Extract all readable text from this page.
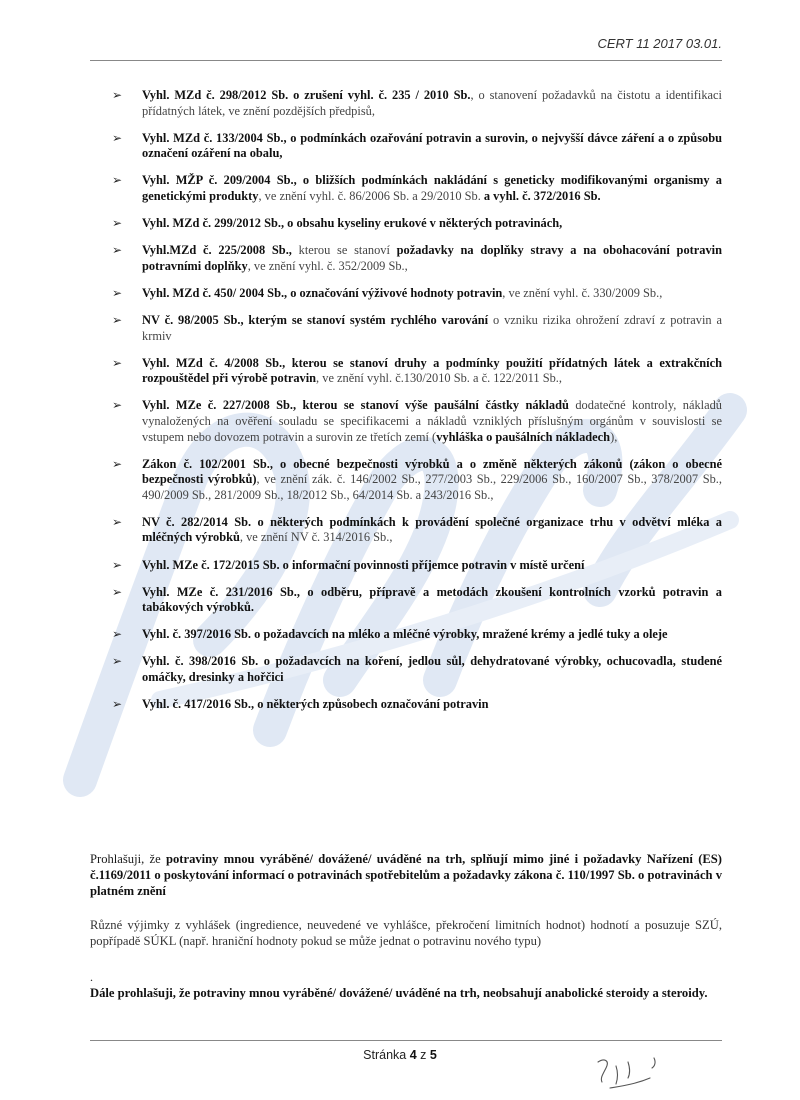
CERT 11 2017 03.01.
➢ Vyhl. MZd č. 298/2012 Sb. o zrušení vyhl. č. 235 / 2010 Sb., o stanovení požadavků na čistotu a identifikaci přídatných látek, ve znění pozdějších předpisů,
➢ Vyhl. MZd č. 133/2004 Sb., o podmínkách ozařování potravin a surovin, o nejvyšší dávce záření a o způsobu označení ozáření na obalu,
➢ Vyhl. MŽP č. 209/2004 Sb., o bližších podmínkách nakládání s geneticky modifikovanými organismy a genetickými produkty, ve znění vyhl. č. 86/2006 Sb. a 29/2010 Sb. a vyhl. č. 372/2016 Sb.
➢ Vyhl. MZd č. 299/2012 Sb., o obsahu kyseliny erukové v některých potravinách,
➢ Vyhl.MZd č. 225/2008 Sb., kterou se stanoví požadavky na doplňky stravy a na obohacování potravin potravními doplňky, ve znění vyhl. č. 352/2009 Sb.,
➢ Vyhl. MZd č. 450/ 2004 Sb., o označování výživové hodnoty potravin, ve znění vyhl. č. 330/2009 Sb.,
➢ NV č. 98/2005 Sb., kterým se stanoví systém rychlého varování o vzniku rizika ohrožení zdraví z potravin a krmiv
➢ Vyhl. MZd č. 4/2008 Sb., kterou se stanoví druhy a podmínky použití přídatných látek a extrakčních rozpouštědel při výrobě potravin, ve znění vyhl. č.130/2010 Sb. a č. 122/2011 Sb.,
➢ Vyhl. MZe č. 227/2008 Sb., kterou se stanoví výše paušální částky nákladů dodatečné kontroly, nákladů vynaložených na ověření souladu se specifikacemi a nákladů vzniklých příslušným orgánům v souvislosti se vstupem nebo dovozem potravin a surovin ze třetích zemí (vyhláška o paušálních nákladech),
➢ Zákon č. 102/2001 Sb., o obecné bezpečnosti výrobků a o změně některých zákonů (zákon o obecné bezpečnosti výrobků), ve znění zák. č. 146/2002 Sb., 277/2003 Sb., 229/2006 Sb., 160/2007 Sb., 378/2007 Sb., 490/2009 Sb., 281/2009 Sb., 18/2012 Sb., 64/2014 Sb. a 243/2016 Sb.,
➢ NV č. 282/2014 Sb. o některých podmínkách k provádění společné organizace trhu v odvětví mléka a mléčných výrobků, ve znění NV č. 314/2016 Sb.,
➢ Vyhl. MZe č. 172/2015 Sb. o informační povinnosti příjemce potravin v místě určení
➢ Vyhl. MZe č. 231/2016 Sb., o odběru, přípravě a metodách zkoušení kontrolních vzorků potravin a tabákových výrobků.
➢ Vyhl. č. 397/2016 Sb. o požadavcích na mléko a mléčné výrobky, mražené krémy a jedlé tuky a oleje
➢ Vyhl. č. 398/2016 Sb. o požadavcích na koření, jedlou sůl, dehydratované výrobky, ochucovadla, studené omáčky, dresinky a hořčici
➢ Vyhl. č. 417/2016 Sb., o některých způsobech označování potravin
Prohlašuji, že potraviny mnou vyráběné/ dovážené/ uváděné na trh, splňují mimo jiné i požadavky Nařízení (ES) č.1169/2011 o poskytování informací o potravinách spotřebitelům a požadavky zákona č. 110/1997 Sb. o potravinách v platném znění
Různé výjimky z vyhlášek (ingredience, neuvedené ve vyhlášce, překročení limitních hodnot) hodnotí a posuzuje SZÚ, popřípadě SÚKL (např. hraniční hodnoty pokud se může jednat o potravinu nového typu)
.
Dále prohlašuji, že potraviny mnou vyráběné/ dovážené/ uváděné na trh, neobsahují anabolické steroidy a steroidy.
Stránka 4 z 5
